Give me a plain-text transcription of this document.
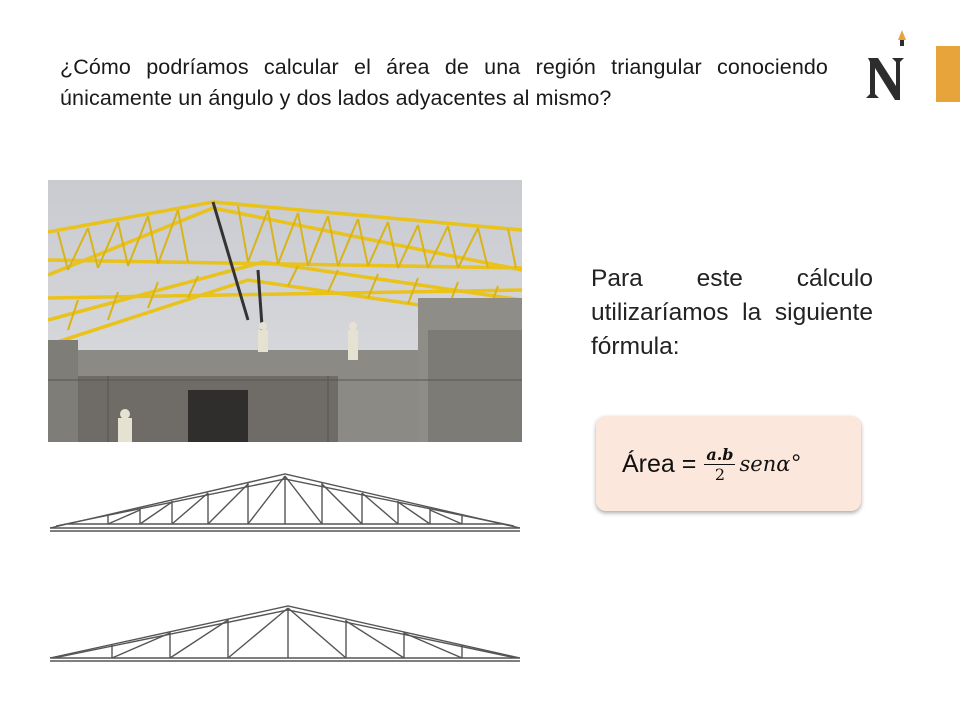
¿Cómo podríamos calcular el área de una región triangular conociendo únicamente un ángulo y dos lados adyacentes al mismo?
Para este cálculo utilizaríamos la siguiente fórmula:
Área = $\frac{a.b}{2}$ senα °
